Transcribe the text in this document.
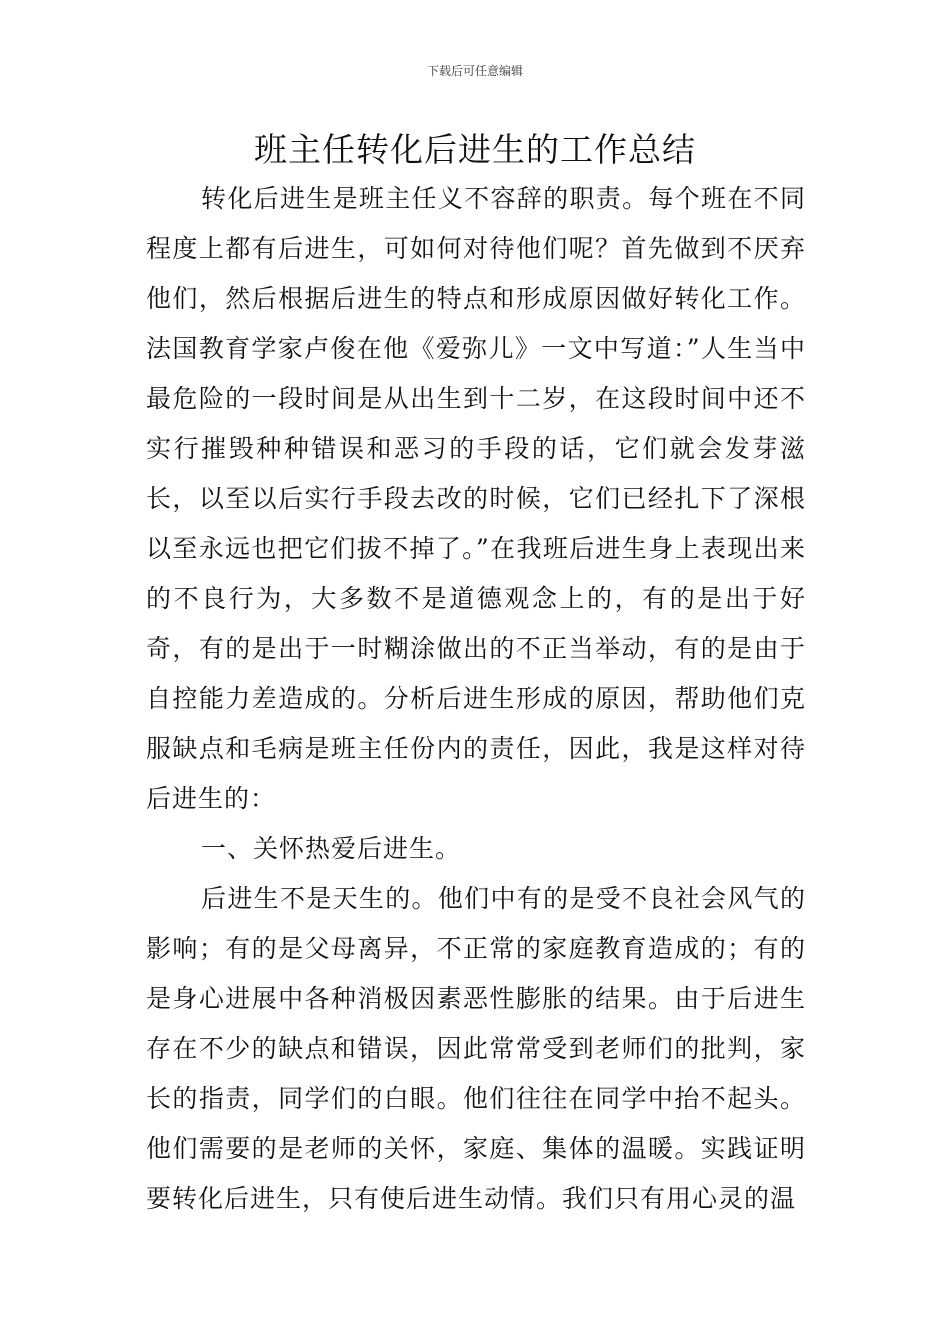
下载后可任意编辑
班主任转化后进生的工作总结

转化后进生是班主任义不容辞的职责。每个班在不同程度上都有后进生，可如何对待他们呢？首先做到不厌弃他们，然后根据后进生的特点和形成原因做好转化工作。法国教育学家卢俊在他《爱弥儿》一文中写道：”人生当中最危险的一段时间是从出生到十二岁，在这段时间中还不实行摧毁种种错误和恶习的手段的话，它们就会发芽滋长，以至以后实行手段去改的时候，它们已经扎下了深根以至永远也把它们拔不掉了。”在我班后进生身上表现出来的不良行为，大多数不是道德观念上的，有的是出于好奇，有的是出于一时糊涂做出的不正当举动，有的是由于自控能力差造成的。分析后进生形成的原因，帮助他们克服缺点和毛病是班主任份内的责任，因此，我是这样对待后进生的：

一、关怀热爱后进生。

后进生不是天生的。他们中有的是受不良社会风气的影响；有的是父母离异，不正常的家庭教育造成的；有的是身心进展中各种消极因素恶性膨胀的结果。由于后进生存在不少的缺点和错误，因此常常受到老师们的批判，家长的指责，同学们的白眼。他们往往在同学中抬不起头。他们需要的是老师的关怀，家庭、集体的温暖。实践证明要转化后进生，只有使后进生动情。我们只有用心灵的温
